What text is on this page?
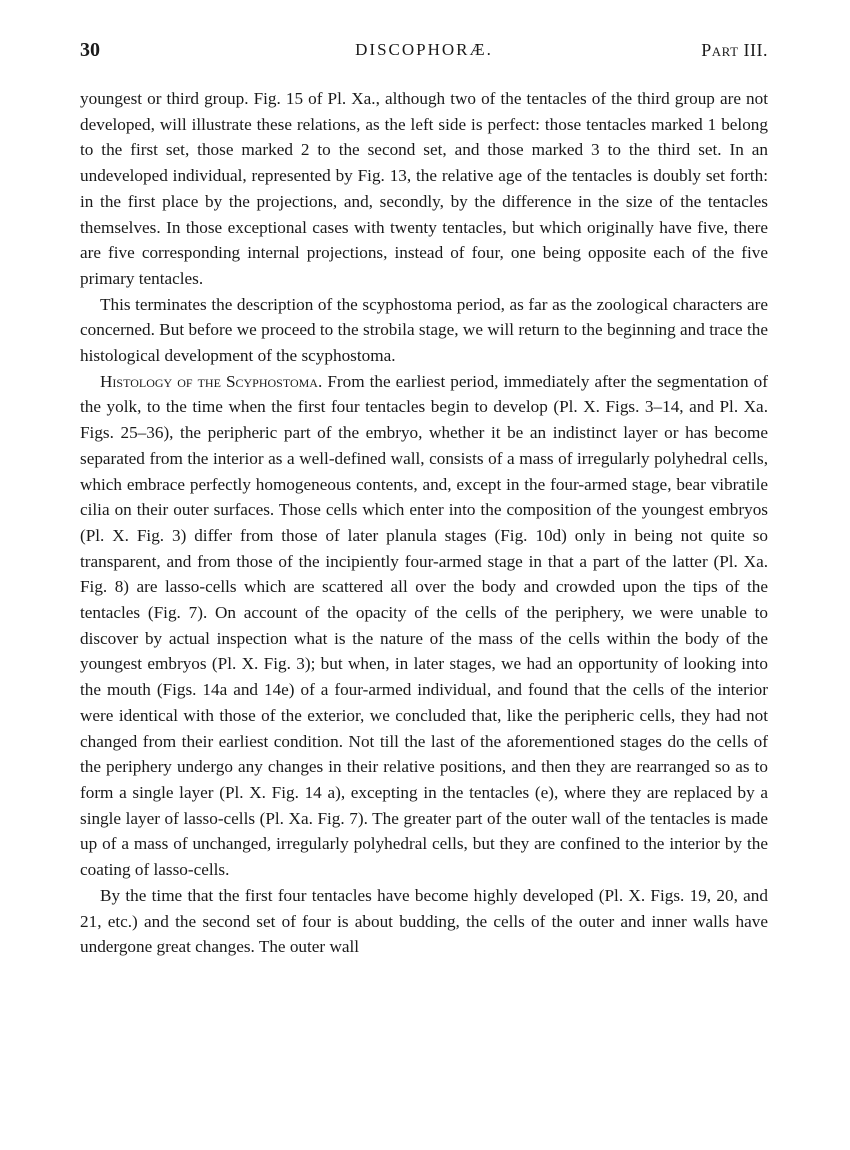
30	DISCOPHORÆ.	Part III.

youngest or third group. Fig. 15 of Pl. Xa., although two of the tentacles of the third group are not developed, will illustrate these relations, as the left side is perfect: those tentacles marked 1 belong to the first set, those marked 2 to the second set, and those marked 3 to the third set. In an undeveloped individual, represented by Fig. 13, the relative age of the tentacles is doubly set forth: in the first place by the projections, and, secondly, by the difference in the size of the tentacles themselves. In those exceptional cases with twenty tentacles, but which originally have five, there are five corresponding internal projections, instead of four, one being opposite each of the five primary tentacles.

This terminates the description of the scyphostoma period, as far as the zoological characters are concerned. But before we proceed to the strobila stage, we will return to the beginning and trace the histological development of the scyphostoma.

Histology of the Scyphostoma. From the earliest period, immediately after the segmentation of the yolk, to the time when the first four tentacles begin to develop (Pl. X. Figs. 3–14, and Pl. Xa. Figs. 25–36), the peripheric part of the embryo, whether it be an indistinct layer or has become separated from the interior as a well-defined wall, consists of a mass of irregularly polyhedral cells, which embrace perfectly homogeneous contents, and, except in the four-armed stage, bear vibratile cilia on their outer surfaces. Those cells which enter into the composition of the youngest embryos (Pl. X. Fig. 3) differ from those of later planula stages (Fig. 10d) only in being not quite so transparent, and from those of the incipiently four-armed stage in that a part of the latter (Pl. Xa. Fig. 8) are lasso-cells which are scattered all over the body and crowded upon the tips of the tentacles (Fig. 7). On account of the opacity of the cells of the periphery, we were unable to discover by actual inspection what is the nature of the mass of the cells within the body of the youngest embryos (Pl. X. Fig. 3); but when, in later stages, we had an opportunity of looking into the mouth (Figs. 14a and 14e) of a four-armed individual, and found that the cells of the interior were identical with those of the exterior, we concluded that, like the peripheric cells, they had not changed from their earliest condition. Not till the last of the aforementioned stages do the cells of the periphery undergo any changes in their relative positions, and then they are rearranged so as to form a single layer (Pl. X. Fig. 14 a), excepting in the tentacles (e), where they are replaced by a single layer of lasso-cells (Pl. Xa. Fig. 7). The greater part of the outer wall of the tentacles is made up of a mass of unchanged, irregularly polyhedral cells, but they are confined to the interior by the coating of lasso-cells.

By the time that the first four tentacles have become highly developed (Pl. X. Figs. 19, 20, and 21, etc.) and the second set of four is about budding, the cells of the outer and inner walls have undergone great changes. The outer wall
